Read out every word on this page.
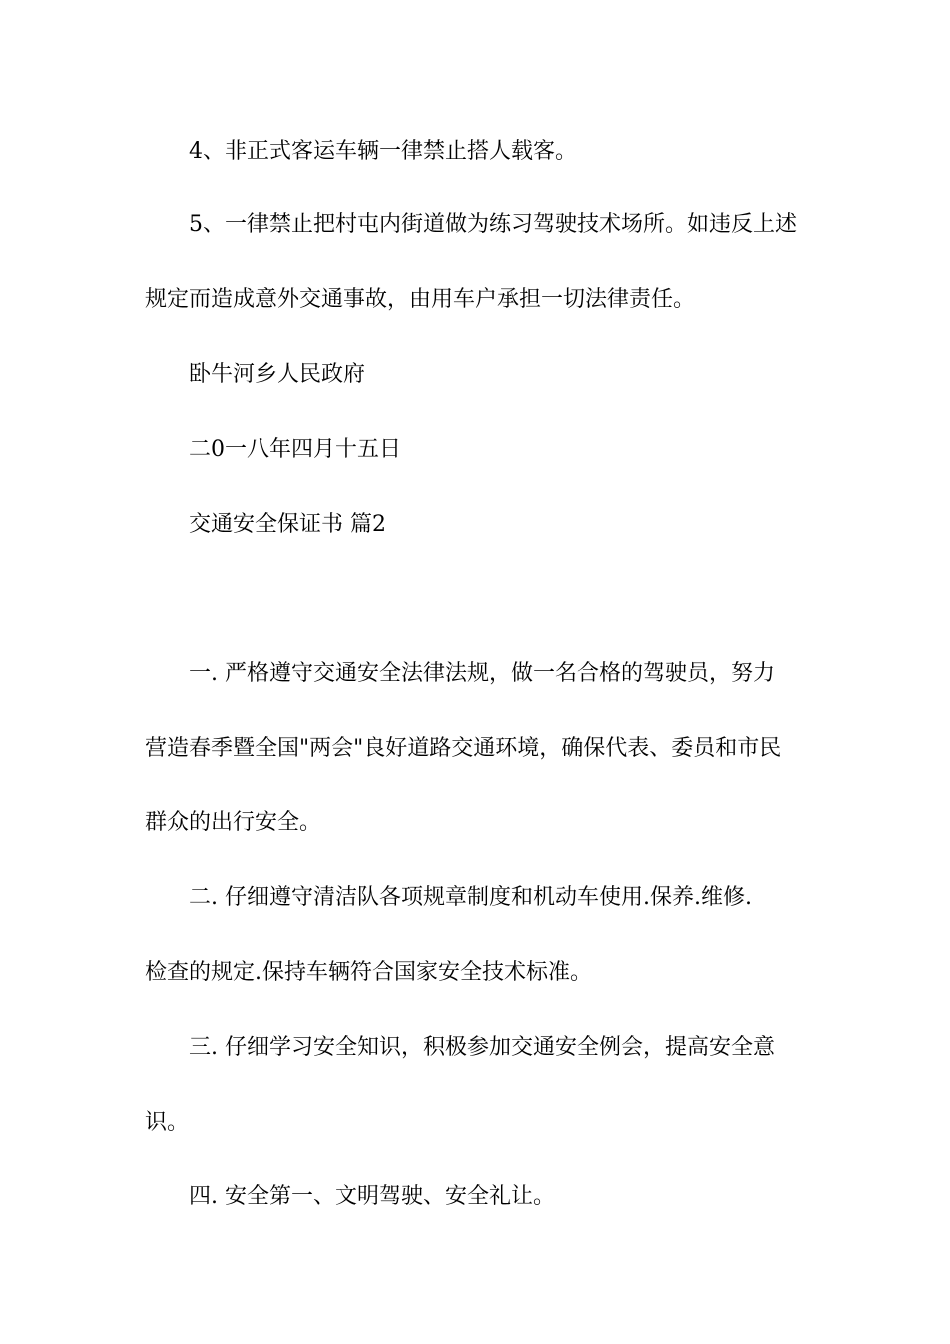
4、非正式客运车辆一律禁止搭人载客。
5、一律禁止把村屯内街道做为练习驾驶技术场所。如违反上述
规定而造成意外交通事故，由用车户承担一切法律责任。
卧牛河乡人民政府
二0一八年四月十五日
交通安全保证书 篇2
一. 严格遵守交通安全法律法规，做一名合格的驾驶员，努力
营造春季暨全国"两会"良好道路交通环境，确保代表、委员和市民
群众的出行安全。
二. 仔细遵守清洁队各项规章制度和机动车使用.保养.维修.
检查的规定.保持车辆符合国家安全技术标准。
三. 仔细学习安全知识，积极参加交通安全例会，提高安全意
识。
四. 安全第一、文明驾驶、安全礼让。
